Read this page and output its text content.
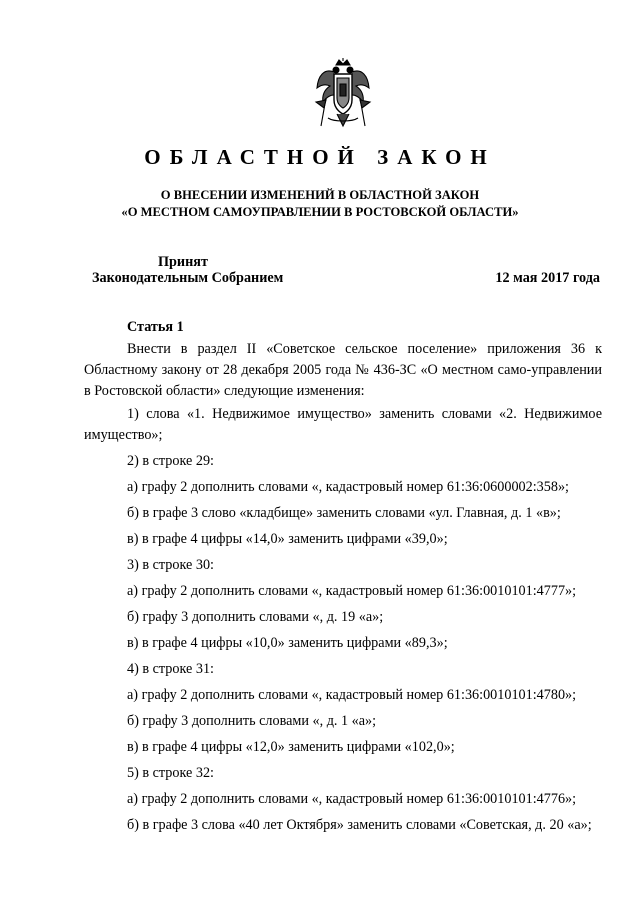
ОБЛАСТНОЙ ЗАКОН
О ВНЕСЕНИИ ИЗМЕНЕНИЙ В ОБЛАСТНОЙ ЗАКОН
«О МЕСТНОМ САМОУПРАВЛЕНИИ В РОСТОВСКОЙ ОБЛАСТИ»
Принят
Законодательным Собранием	12 мая 2017 года
Статья 1

Внести в раздел II «Советское сельское поселение» приложения 36 к Областному закону от 28 декабря 2005 года № 436-ЗС «О местном само-управлении в Ростовской области» следующие изменения:

1) слова «1. Недвижимое имущество» заменить словами «2. Недвижимое имущество»;

2) в строке 29:

а) графу 2 дополнить словами «, кадастровый номер 61:36:0600002:358»;

б) в графе 3 слово «кладбище» заменить словами «ул. Главная, д. 1 «в»;

в) в графе 4 цифры «14,0» заменить цифрами «39,0»;

3) в строке 30:

а) графу 2 дополнить словами «, кадастровый номер 61:36:0010101:4777»;

б) графу 3 дополнить словами «, д. 19 «а»;

в) в графе 4 цифры «10,0» заменить цифрами «89,3»;

4) в строке 31:

а) графу 2 дополнить словами «, кадастровый номер 61:36:0010101:4780»;

б) графу 3 дополнить словами «, д. 1 «а»;

в) в графе 4 цифры «12,0» заменить цифрами «102,0»;

5) в строке 32:

а) графу 2 дополнить словами «, кадастровый номер 61:36:0010101:4776»;

б) в графе 3 слова «40 лет Октября» заменить словами «Советская, д. 20 «а»;
